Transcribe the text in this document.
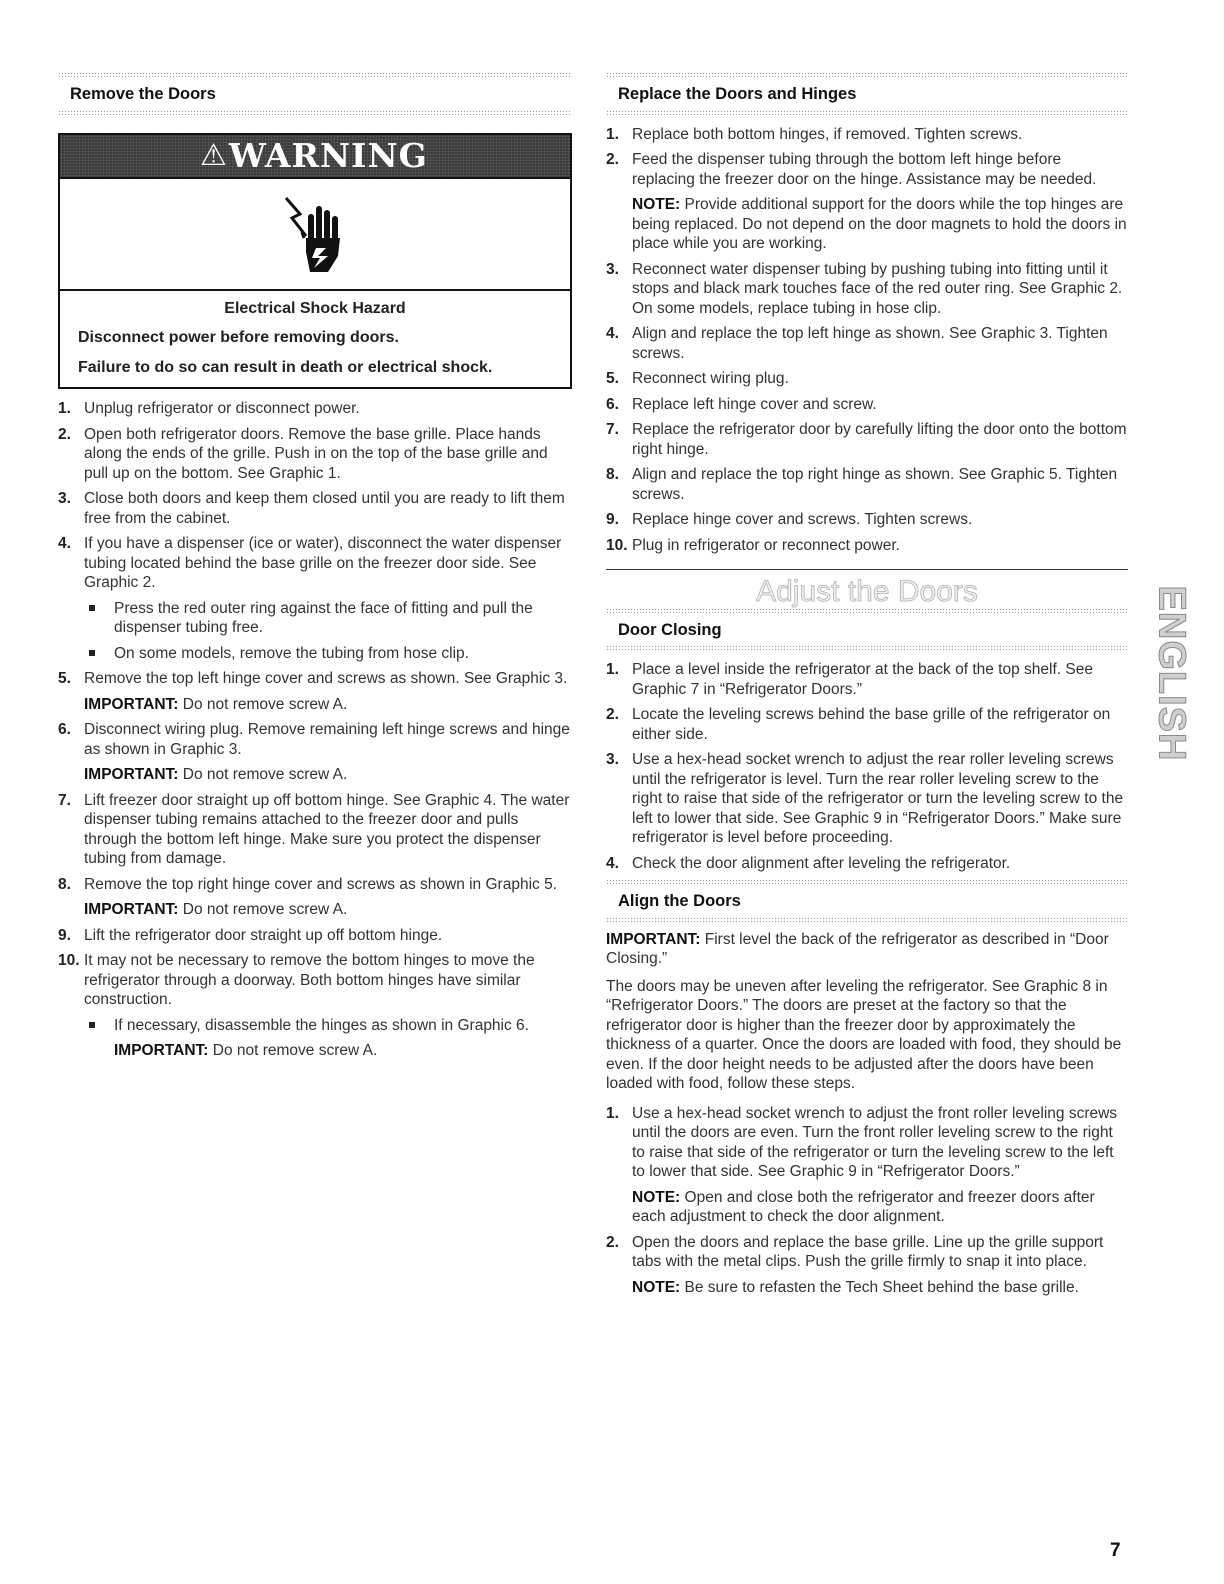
Remove the Doors
⚠ WARNING
Electrical Shock Hazard
Disconnect power before removing doors.
Failure to do so can result in death or electrical shock.
1. Unplug refrigerator or disconnect power.
2. Open both refrigerator doors. Remove the base grille. Place hands along the ends of the grille. Push in on the top of the base grille and pull up on the bottom. See Graphic 1.
3. Close both doors and keep them closed until you are ready to lift them free from the cabinet.
4. If you have a dispenser (ice or water), disconnect the water dispenser tubing located behind the base grille on the freezer door side. See Graphic 2.
Press the red outer ring against the face of fitting and pull the dispenser tubing free.
On some models, remove the tubing from hose clip.
5. Remove the top left hinge cover and screws as shown. See Graphic 3.
IMPORTANT: Do not remove screw A.
6. Disconnect wiring plug. Remove remaining left hinge screws and hinge as shown in Graphic 3.
IMPORTANT: Do not remove screw A.
7. Lift freezer door straight up off bottom hinge. See Graphic 4. The water dispenser tubing remains attached to the freezer door and pulls through the bottom left hinge. Make sure you protect the dispenser tubing from damage.
8. Remove the top right hinge cover and screws as shown in Graphic 5.
IMPORTANT: Do not remove screw A.
9. Lift the refrigerator door straight up off bottom hinge.
10. It may not be necessary to remove the bottom hinges to move the refrigerator through a doorway. Both bottom hinges have similar construction.
If necessary, disassemble the hinges as shown in Graphic 6.
IMPORTANT: Do not remove screw A.
Replace the Doors and Hinges
1. Replace both bottom hinges, if removed. Tighten screws.
2. Feed the dispenser tubing through the bottom left hinge before replacing the freezer door on the hinge. Assistance may be needed.
NOTE: Provide additional support for the doors while the top hinges are being replaced. Do not depend on the door magnets to hold the doors in place while you are working.
3. Reconnect water dispenser tubing by pushing tubing into fitting until it stops and black mark touches face of the red outer ring. See Graphic 2. On some models, replace tubing in hose clip.
4. Align and replace the top left hinge as shown. See Graphic 3. Tighten screws.
5. Reconnect wiring plug.
6. Replace left hinge cover and screw.
7. Replace the refrigerator door by carefully lifting the door onto the bottom right hinge.
8. Align and replace the top right hinge as shown. See Graphic 5. Tighten screws.
9. Replace hinge cover and screws. Tighten screws.
10. Plug in refrigerator or reconnect power.
Adjust the Doors
Door Closing
1. Place a level inside the refrigerator at the back of the top shelf. See Graphic 7 in “Refrigerator Doors.”
2. Locate the leveling screws behind the base grille of the refrigerator on either side.
3. Use a hex-head socket wrench to adjust the rear roller leveling screws until the refrigerator is level. Turn the rear roller leveling screw to the right to raise that side of the refrigerator or turn the leveling screw to the left to lower that side. See Graphic 9 in “Refrigerator Doors.” Make sure refrigerator is level before proceeding.
4. Check the door alignment after leveling the refrigerator.
Align the Doors
IMPORTANT: First level the back of the refrigerator as described in “Door Closing.”
The doors may be uneven after leveling the refrigerator. See Graphic 8 in “Refrigerator Doors.” The doors are preset at the factory so that the refrigerator door is higher than the freezer door by approximately the thickness of a quarter. Once the doors are loaded with food, they should be even. If the door height needs to be adjusted after the doors have been loaded with food, follow these steps.
1. Use a hex-head socket wrench to adjust the front roller leveling screws until the doors are even. Turn the front roller leveling screw to the right to raise that side of the refrigerator or turn the leveling screw to the left to lower that side. See Graphic 9 in “Refrigerator Doors.”
NOTE: Open and close both the refrigerator and freezer doors after each adjustment to check the door alignment.
2. Open the doors and replace the base grille. Line up the grille support tabs with the metal clips. Push the grille firmly to snap it into place.
NOTE: Be sure to refasten the Tech Sheet behind the base grille.
ENGLISH
7
